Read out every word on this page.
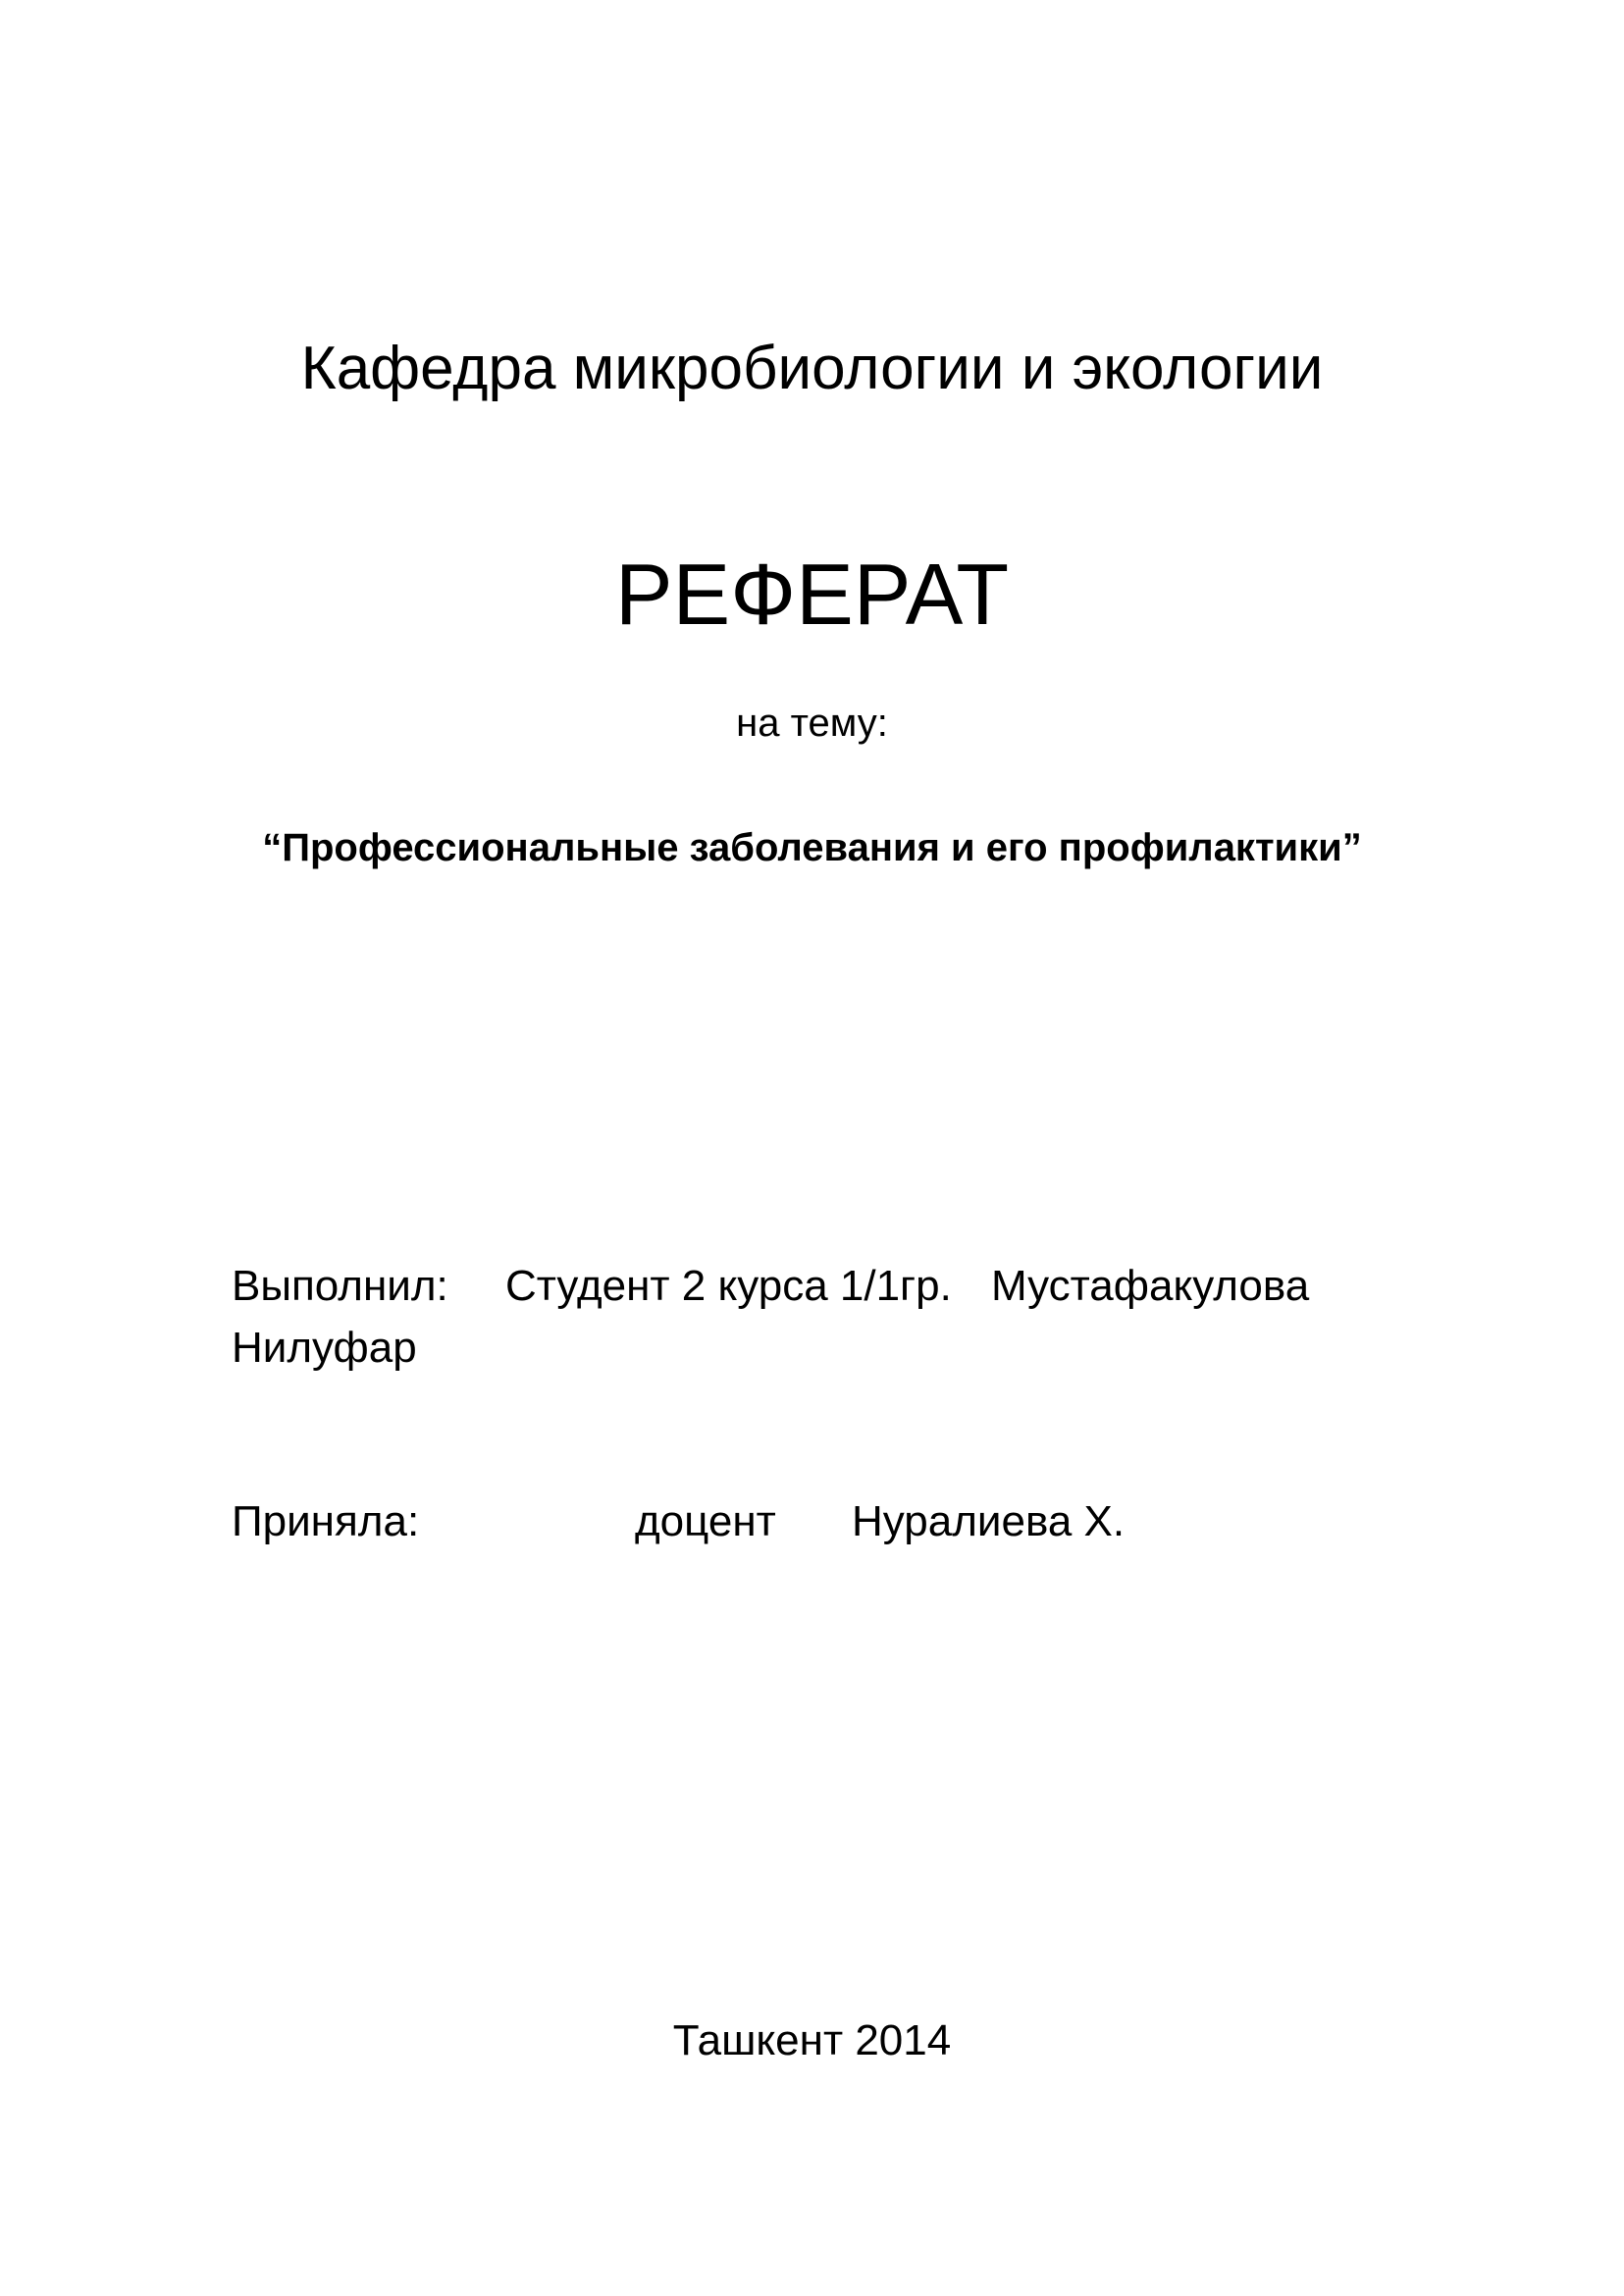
Кафедра микробиологии и экологии
РЕФЕРАТ
на тему:
“Профессиональные заболевания и его профилактики”
Выполнил: Студент 2 курса 1/1гр. Мустафакулова
Нилуфар
Приняла:	доцент Нуралиева Х.
Ташкент 2014
